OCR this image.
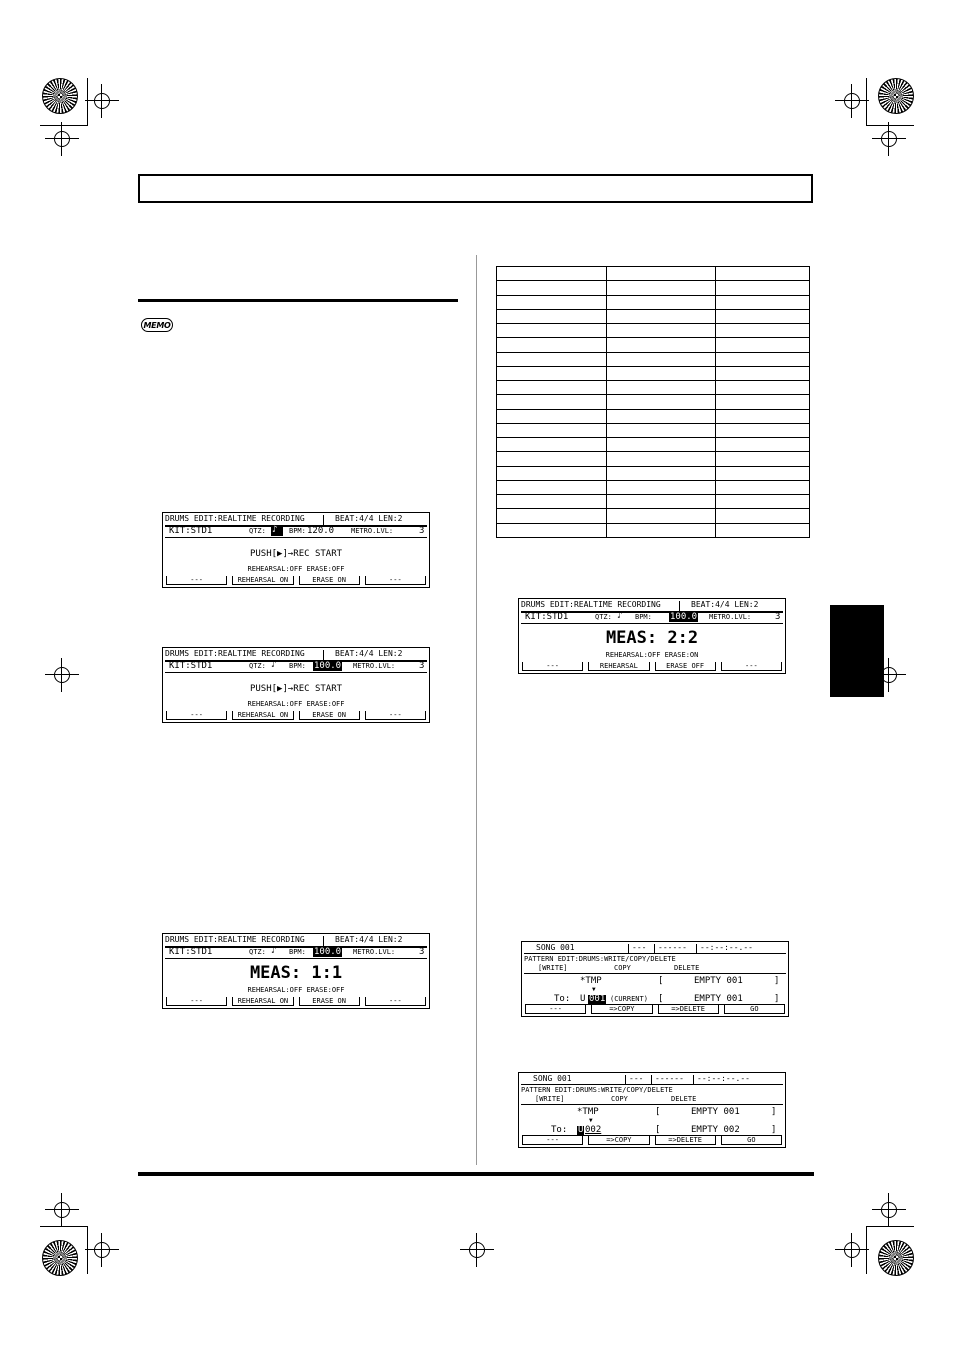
MEMO
DRUMS EDIT:REALTIME RECORDING	BEAT:4/4 LEN:2
KIT:STD1	QTZ: ♪	BPM: 120.0 METRO.LVL:	3
PUSH[▶]→REC START
REHEARSAL:OFF ERASE:OFF
---	REHEARSAL ON	ERASE ON	---
DRUMS EDIT:REALTIME RECORDING	BEAT:4/4 LEN:2
KIT:STD1	QTZ: ♪ BPM: 100.0 METRO.LVL:	3
PUSH[▶]→REC START
REHEARSAL:OFF ERASE:OFF
---	REHEARSAL ON	ERASE ON	---
DRUMS EDIT:REALTIME RECORDING	BEAT:4/4 LEN:2
KIT:STD1	QTZ: ♪ BPM: 100.0 METRO.LVL:	3
MEAS: 1:1
REHEARSAL:OFF ERASE:OFF
---	REHEARSAL ON	ERASE ON	---

DRUMS EDIT:REALTIME RECORDING	BEAT:4/4 LEN:2
KIT:STD1	QTZ: ♪ BPM: 100.0 METRO.LVL:	3
MEAS: 2:2
REHEARSAL:OFF ERASE:ON
---	REHEARSAL	ERASE OFF	---
SONG 001	--- ------ --:--:--.--
PATTERN EDIT:DRUMS:WRITE/COPY/DELETE
[WRITE]	COPY	DELETE
*TMP	[	EMPTY 001	]
▼
To: U 001 (CURRENT) [	EMPTY 001	]
---	=>COPY	=>DELETE	GO
SONG 001	--- ------ --:--:--.--
PATTERN EDIT:DRUMS:WRITE/COPY/DELETE
[WRITE]	COPY	DELETE
*TMP	[	EMPTY 001	]
▼
To: U 002	[	EMPTY 002	]
---	=>COPY	=>DELETE	GO
